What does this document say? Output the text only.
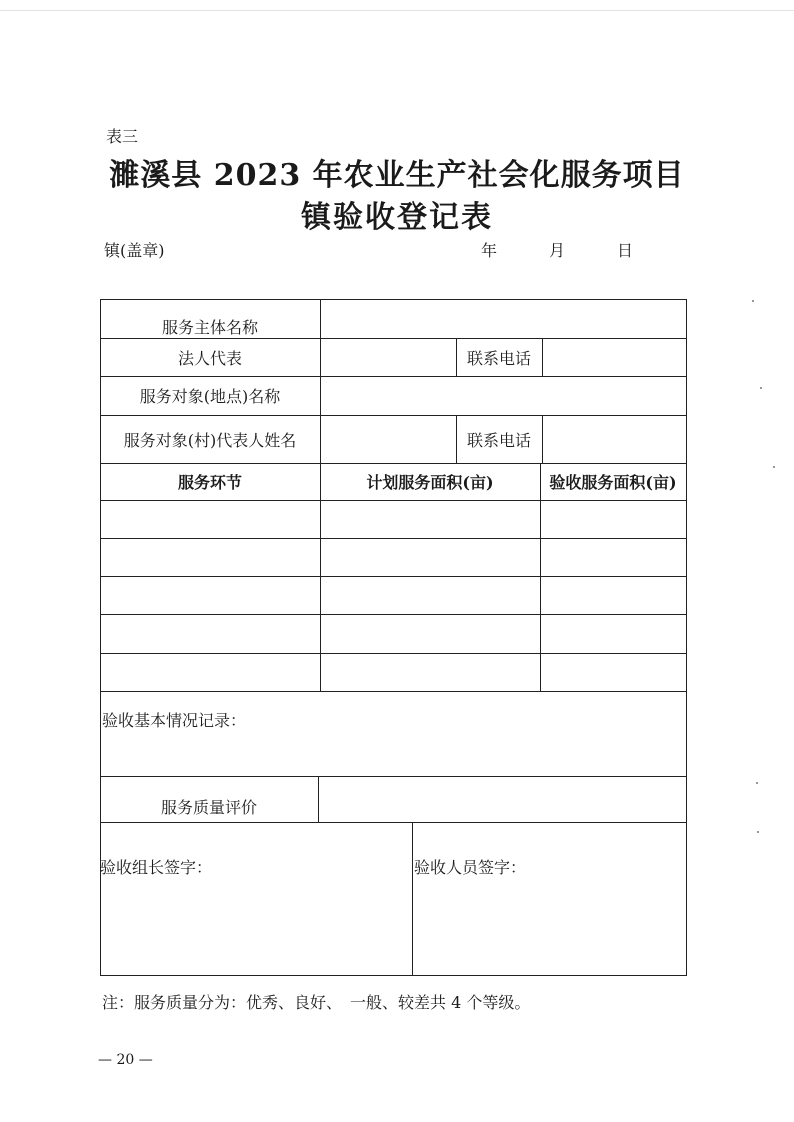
表三
濉溪县 2023 年农业生产社会化服务项目
镇验收登记表
镇(盖章)	年	月	日
服务主体名称
法人代表	联系电话
服务对象(地点)名称
服务对象(村)代表人姓名	联系电话
服务环节	计划服务面积(亩)	验收服务面积(亩)
验收基本情况记录：
服务质量评价
验收组长签字：	验收人员签字：
注：服务质量分为：优秀、良好、　一般、较差共 4 个等级。
— 20 —
